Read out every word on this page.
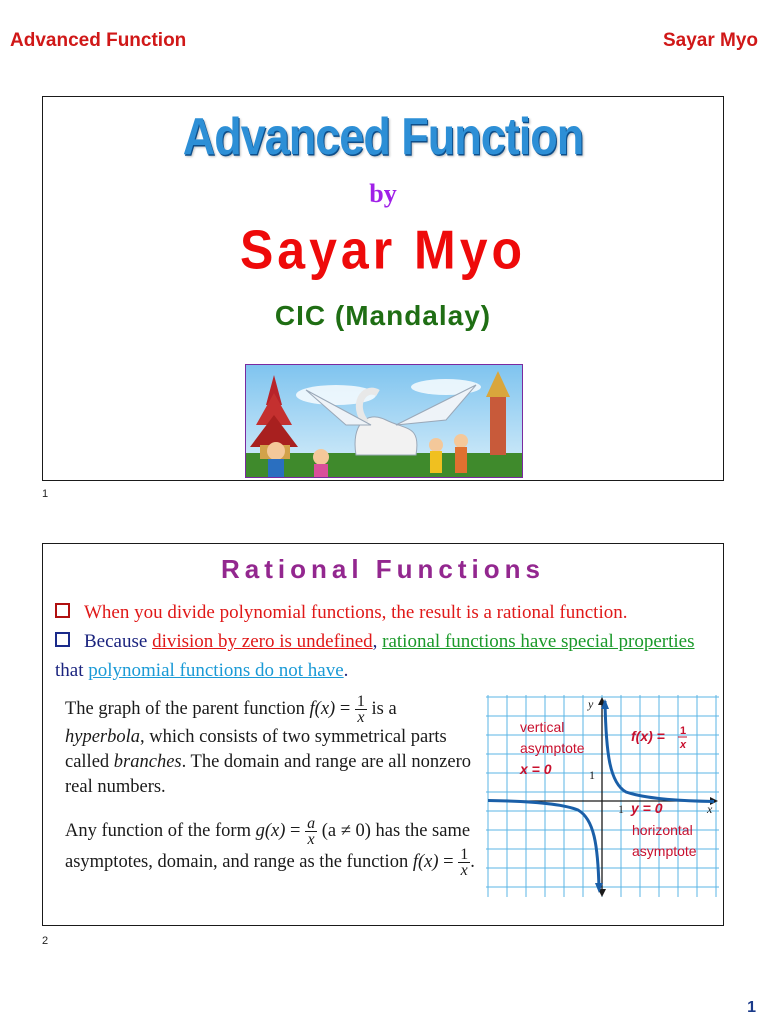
Advanced Function	Sayar Myo
Advanced Function
by
Sayar Myo
CIC (Mandalay)
1
Rational Functions
When you divide polynomial functions, the result is a rational function.
Because division by zero is undefined, rational functions have special properties that polynomial functions do not have.
The graph of the parent function $f(x) = \frac{1}{x}$ is a hyperbola, which consists of two symmetrical parts called branches. The domain and range are all nonzero real numbers.
Any function of the form $g(x) = \frac{a}{x} (a \ne 0)$ has the same asymptotes, domain, and range as the function $f(x) = \frac{1}{x}$ .
y
x
1
1
vertical
asymptote
x = 0
f(x) = 1
x
y = 0
horizontal
asymptote
2
1
